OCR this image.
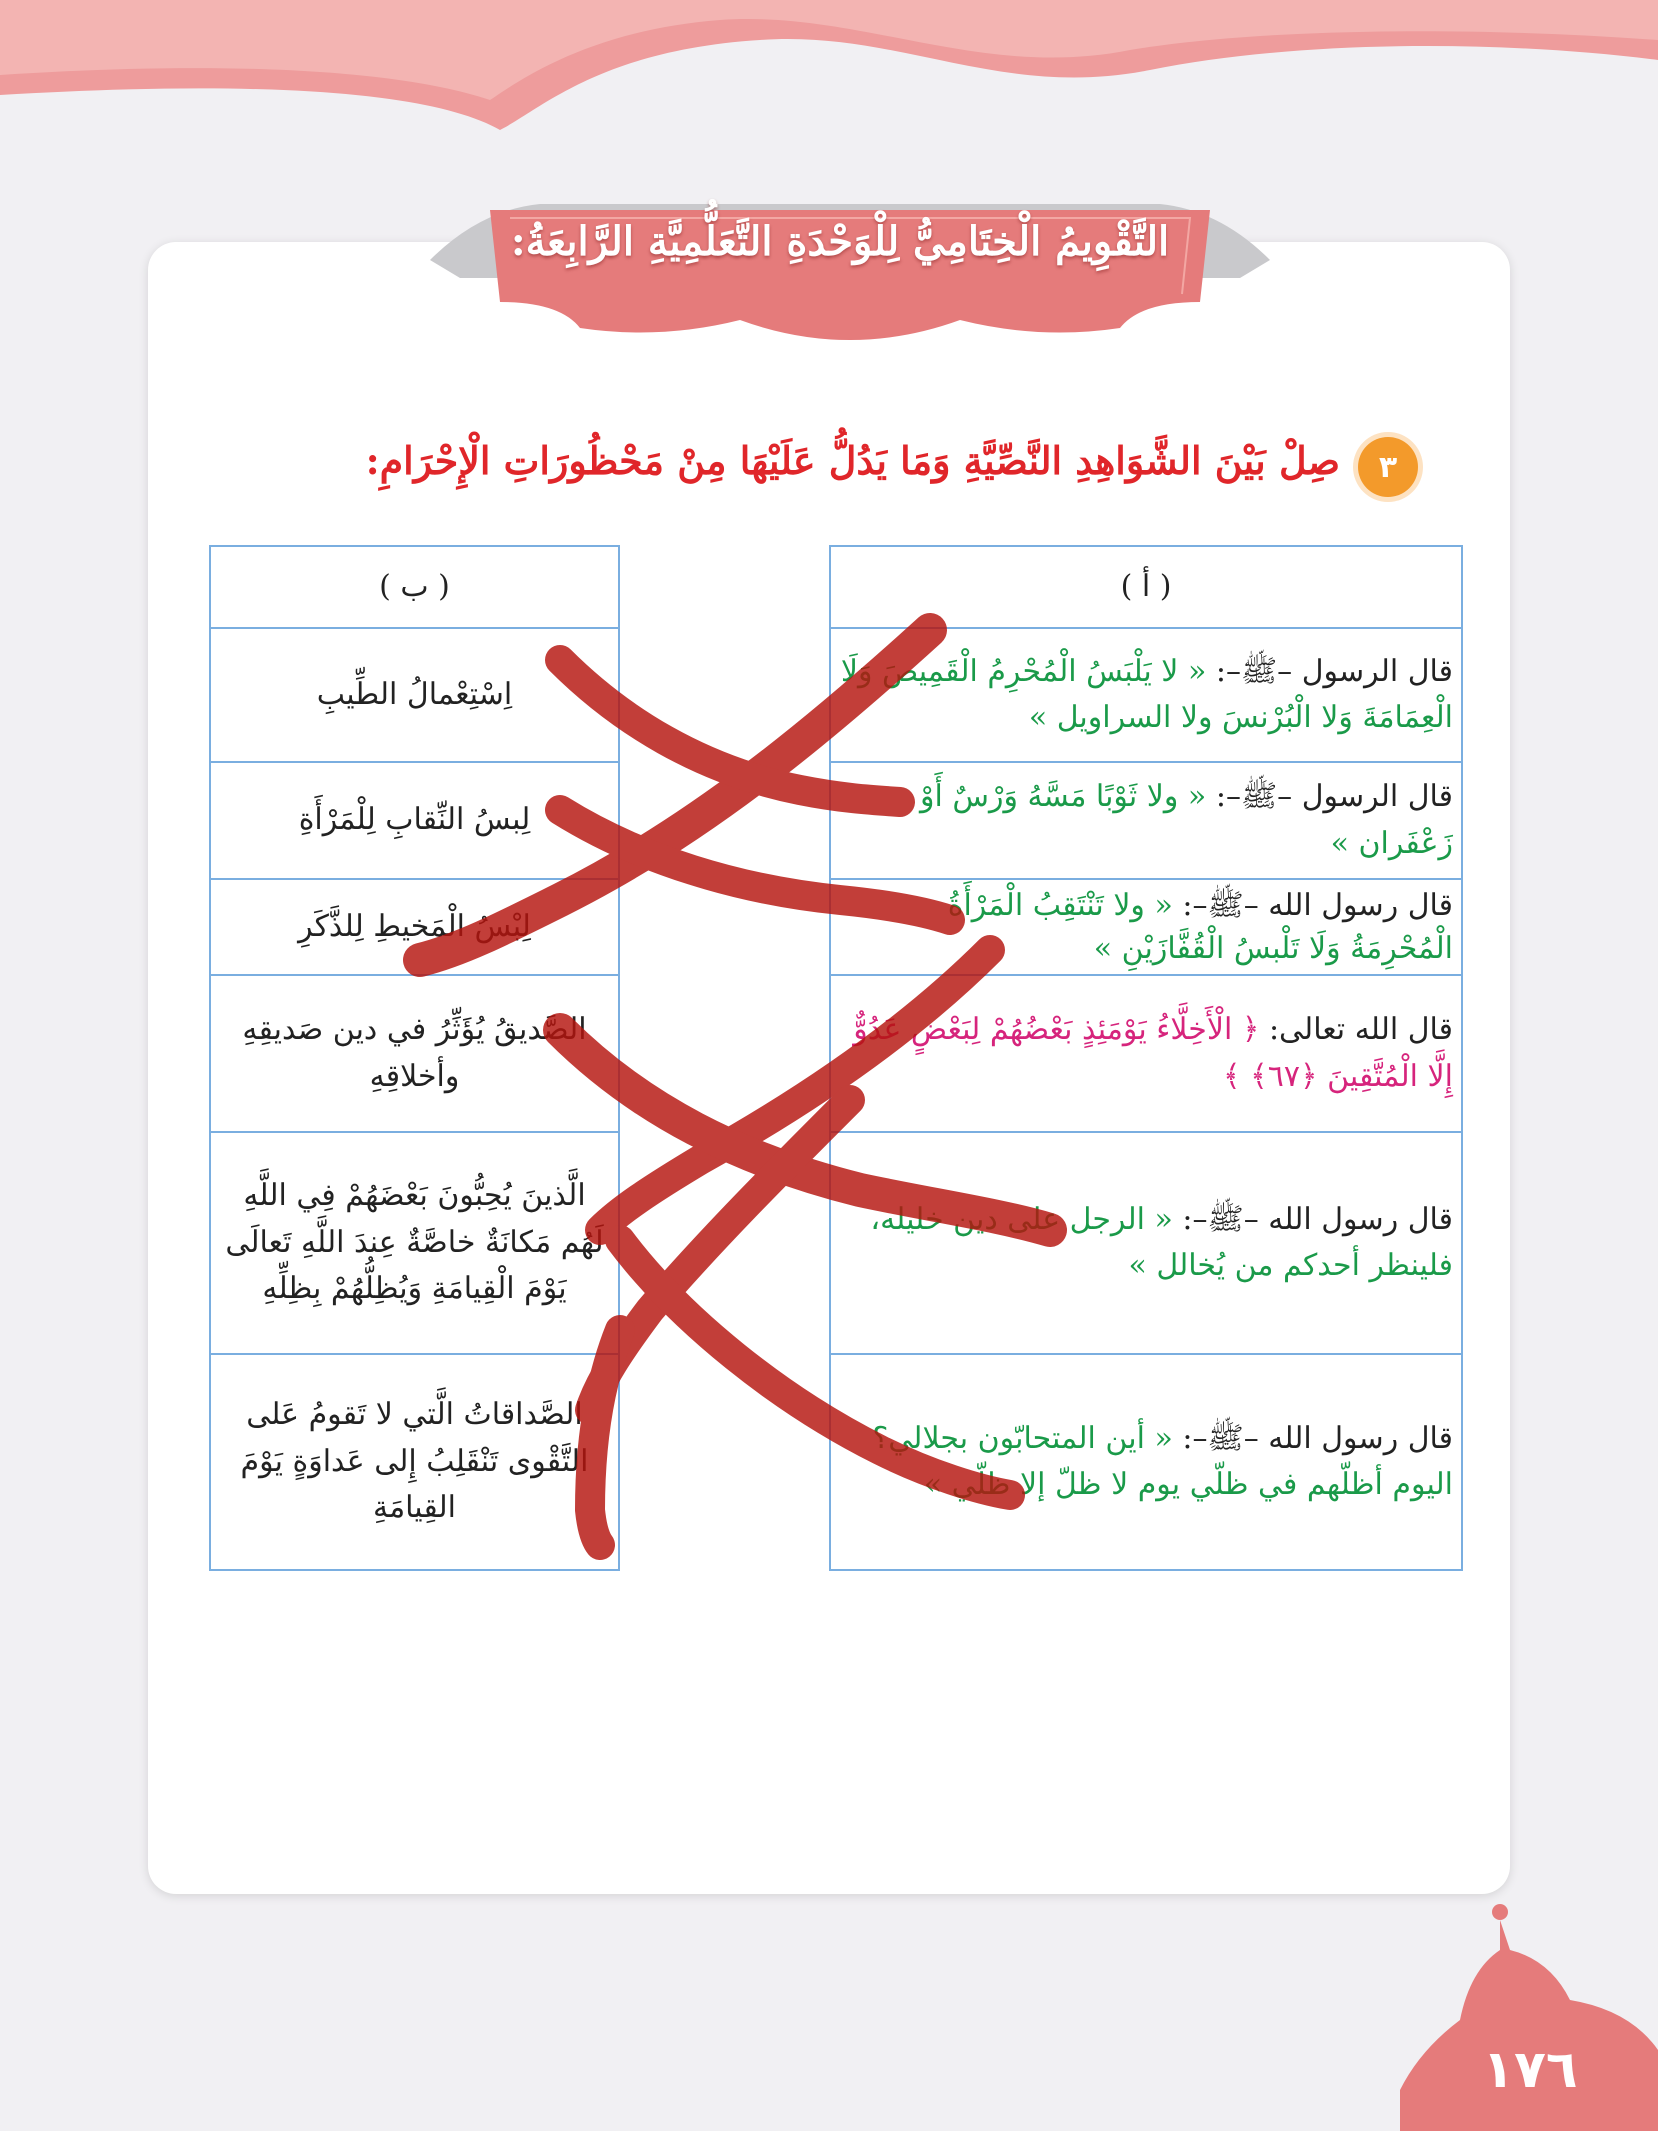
التَّقْوِيمُ الْخِتَامِيُّ لِلْوَحْدَةِ التَّعَلُّمِيَّةِ الرَّابِعَةُ:
٣
صِلْ بَيْنَ الشَّوَاهِدِ النَّصِّيَّةِ وَمَا يَدُلُّ عَلَيْهَا مِنْ مَحْظُورَاتِ الْإِحْرَامِ:
( أ )
قال الرسول –ﷺ–: « لا يَلْبَسُ الْمُحْرِمُ الْقَمِيصَ وَلَا الْعِمَامَةَ وَلا الْبُرْنسَ ولا السراويل »
قال الرسول –ﷺ–: « ولا ثَوْبًا مَسَّهُ وَرْسٌ أَوْ زَعْفَران »
قال رسول الله –ﷺ–: « ولا تَنْتَقِبُ الْمَرْأَةُ الْمُحْرِمَةُ وَلَا تَلْبسُ الْقُفَّازَيْنِ »
قال الله تعالى: ﴿ الْأَخِلَّاءُ يَوْمَئِذٍ بَعْضُهُمْ لِبَعْضٍ عَدُوٌّ إِلَّا الْمُتَّقِينَ ﴿٦٧﴾ ﴾
قال رسول الله –ﷺ–: « الرجل على دين خليله، فلينظر أحدكم من يُخالل »
قال رسول الله –ﷺ–: « أين المتحابّون بجلالي؟ اليوم أظلّهم في ظلّي يوم لا ظلّ إلا ظلّي »
( ب )
اِسْتِعْمالُ الطِّيبِ
لِبسُ النِّقابِ لِلْمَرْأَةِ
لِبْسُ الْمَخيطِ لِلذَّكَرِ
الصَّديقُ يُؤَثِّرُ في دين صَديقِهِ وأخلاقِهِ
الَّذينَ يُحِبُّونَ بَعْضَهُمْ فِي اللَّهِ لَهُم مَكانَةٌ خاصَّةٌ عِندَ اللَّهِ تَعالَى يَوْمَ الْقِيامَةِ وَيُظِلُّهُمْ بِظِلِّهِ
الصَّداقاتُ الَّتي لا تَقومُ عَلى التَّقْوى تَنْقَلِبُ إِلى عَداوَةٍ يَوْمَ القِيامَةِ
١٧٦
